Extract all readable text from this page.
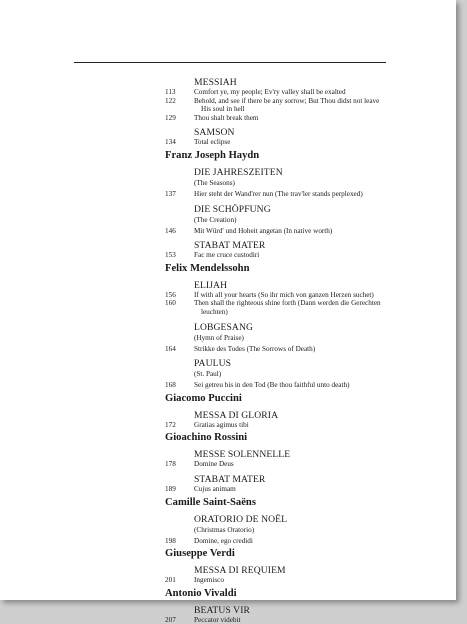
MESSIAH
113	Comfort ye, my people; Ev'ry valley shall be exalted
122	Behold, and see if there be any sorrow; But Thou didst not leave
His soul in hell
129	Thou shalt break them
SAMSON
134	Total eclipse
Franz Joseph Haydn
DIE JAHRESZEITEN
(The Seasons)
137	Hier steht der Wand'rer nun (The trav'ler stands perplexed)
DIE SCHÖPFUNG
(The Creation)
146	Mit Würd' und Hoheit angetan (In native worth)
STABAT MATER
153	Fac me cruce custodiri
Felix Mendelssohn
ELIJAH
156	If with all your hearts (So ihr mich von ganzen Herzen suchet)
160	Then shall the righteous shine forth (Dann werden die Gerechten
leuchten)
LOBGESANG
(Hymn of Praise)
164	Strikke des Todes (The Sorrows of Death)
PAULUS
(St. Paul)
168	Sei getreu bis in den Tod (Be thou faithful unto death)
Giacomo Puccini
MESSA DI GLORIA
172	Gratias agimus tibi
Gioachino Rossini
MESSE SOLENNELLE
178	Domine Deus
STABAT MATER
189	Cujus animam
Camille Saint-Saëns
ORATORIO DE NOËL
(Christmas Oratorio)
198	Domine, ego credidi
Giuseppe Verdi
MESSA DI REQUIEM
201	Ingemisco
Antonio Vivaldi
BEATUS VIR
207	Peccator videbit
